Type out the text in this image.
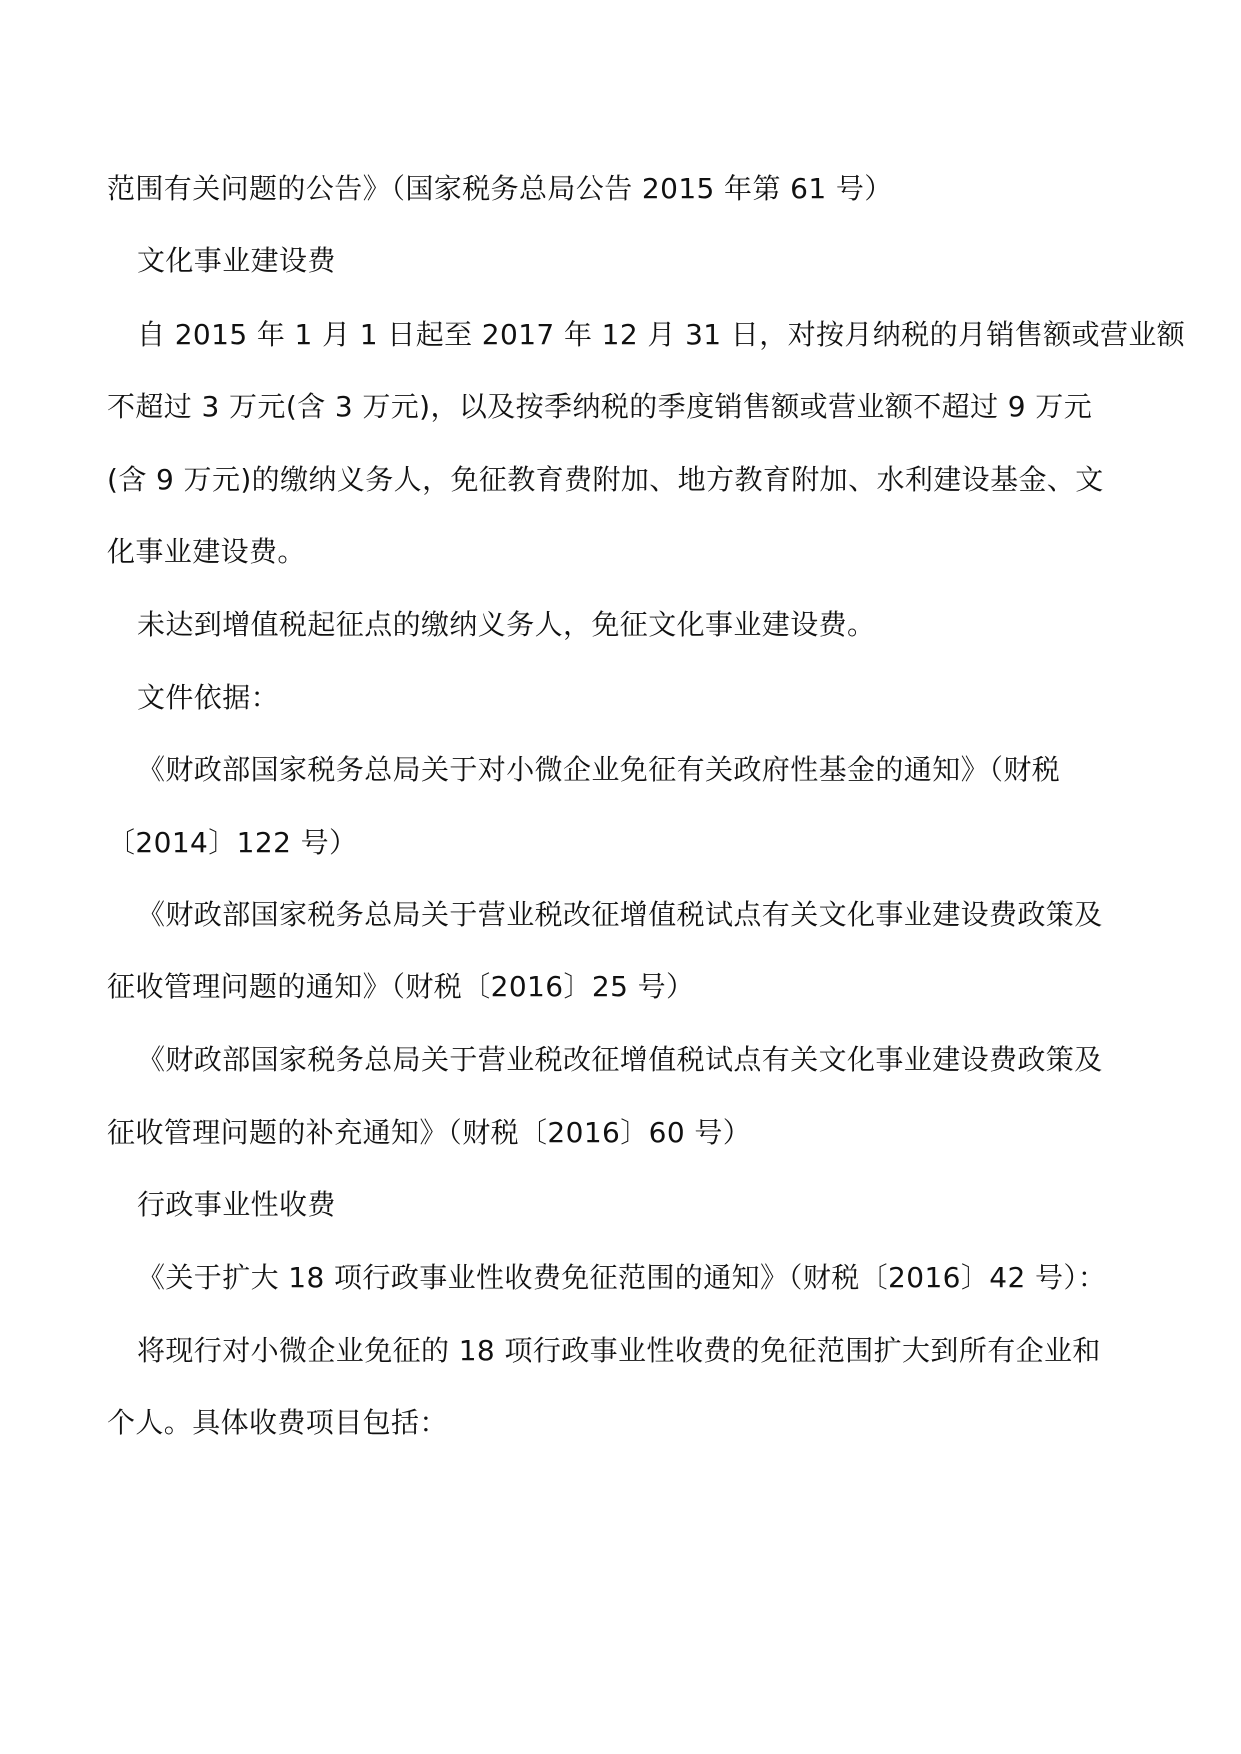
范围有关问题的公告》（国家税务总局公告 2015 年第 61 号）
文化事业建设费
自 2015 年 1 月 1 日起至 2017 年 12 月 31 日，对按月纳税的月销售额或营业额
不超过 3 万元(含 3 万元)，以及按季纳税的季度销售额或营业额不超过 9 万元
(含 9 万元)的缴纳义务人，免征教育费附加、地方教育附加、水利建设基金、文
化事业建设费。
未达到增值税起征点的缴纳义务人，免征文化事业建设费。
文件依据：
《财政部国家税务总局关于对小微企业免征有关政府性基金的通知》（财税
〔2014〕122 号）
《财政部国家税务总局关于营业税改征增值税试点有关文化事业建设费政策及
征收管理问题的通知》（财税〔2016〕25 号）
《财政部国家税务总局关于营业税改征增值税试点有关文化事业建设费政策及
征收管理问题的补充通知》（财税〔2016〕60 号）
行政事业性收费
《关于扩大 18 项行政事业性收费免征范围的通知》（财税〔2016〕42 号）：
将现行对小微企业免征的 18 项行政事业性收费的免征范围扩大到所有企业和
个人。具体收费项目包括：
